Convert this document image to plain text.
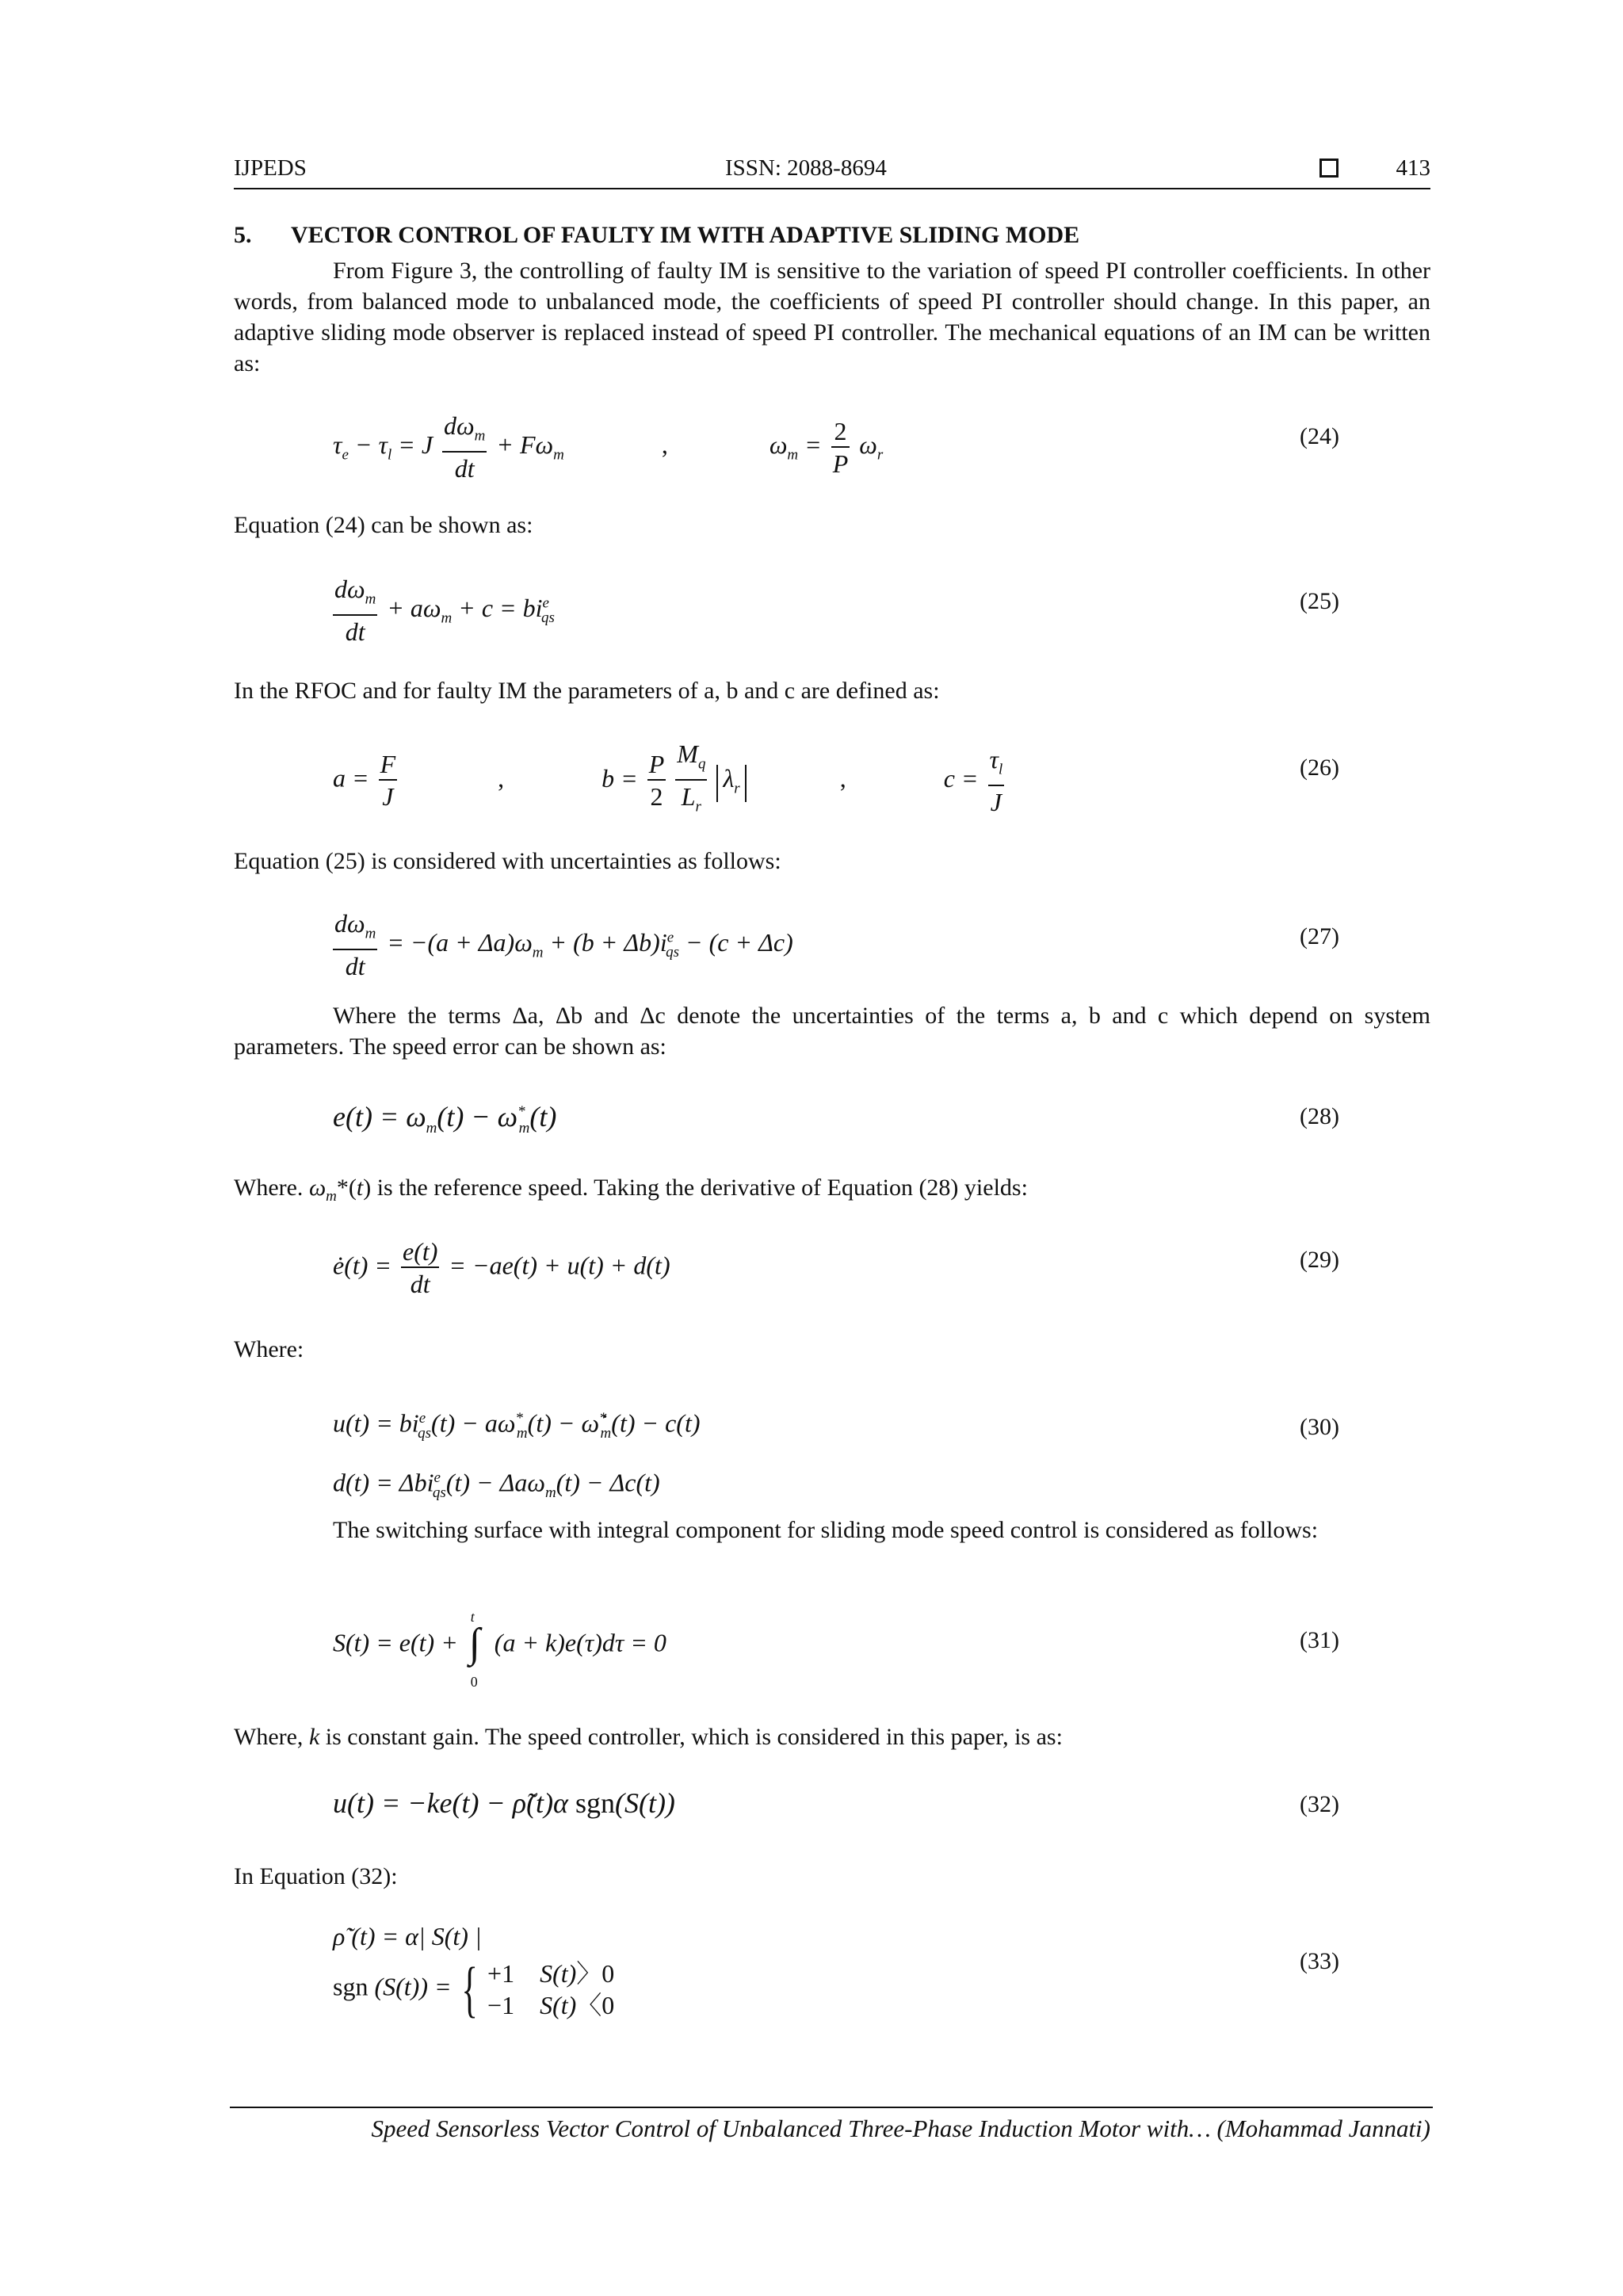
IJPEDS	ISSN: 2088-8694	413
5. VECTOR CONTROL OF FAULTY IM WITH ADAPTIVE SLIDING MODE
From Figure 3, the controlling of faulty IM is sensitive to the variation of speed PI controller coefficients. In other words, from balanced mode to unbalanced mode, the coefficients of speed PI controller should change. In this paper, an adaptive sliding mode observer is replaced instead of speed PI controller. The mechanical equations of an IM can be written as:
$\tau_e - \tau_l = J \frac{d\omega_m}{dt} + F\omega_m$	,	$\omega_m = \frac{2}{P} \omega_r$
(24)
Equation (24) can be shown as:
$\frac{d\omega_m}{dt} + a\omega_m + c = bi^e_{qs}$
(25)
In the RFOC and for faulty IM the parameters of a, b and c are defined as:
$a = \frac{F}{J}$	,	$b = \frac{P}{2}$
$\frac{M_q}{L_r} \lambda_r$	,	$c = \frac{\tau_l}{J}$	(26)
Equation (25) is considered with uncertainties as follows:
$\frac{d\omega_m}{dt} = -(a + \Delta a)\omega_m + (b + \Delta b)i^e_{qs} - (c + \Delta c)$	(27)
Where the terms Δa, Δb and Δc denote the uncertainties of the terms a, b and c which depend on system parameters. The speed error can be shown as:
$e(t) = \omega_m(t) - \omega^*_m(t)$	(28)
Where. $\omega_m*(t)$ is the reference speed. Taking the derivative of Equation (28) yields:
ė(t) = $\frac{e(t)}{dt} = -ae(t) + u(t) + d(t)$	(29)
Where:
$u(t) = bi^e_{qs}(t) - a\omega^*_m(t)$ − $\omegȧ^*_m(t) - c(t)$
d(t) = Δbi$^e_{qs}$(t) − Δaω$_m$(t) − Δc(t)
(30)
The switching surface with integral component for sliding mode speed control is considered as follows:
S(t) = e(t) +
t
∫
0
(a + k)e(τ)dτ = 0	(31)
Where, k is constant gain. The speed controller, which is considered in this paper, is as:
u(t) = −ke(t) − ρ̃(t)α sgn(S(t))	(32)
In Equation (32):
ρ̃̇ (t) = α| S(t) |
sgn (S(t)) = { +1    S(t)〉0
−1    S(t)〈0
(33)
Speed Sensorless Vector Control of Unbalanced Three-Phase Induction Motor with… (Mohammad Jannati)
